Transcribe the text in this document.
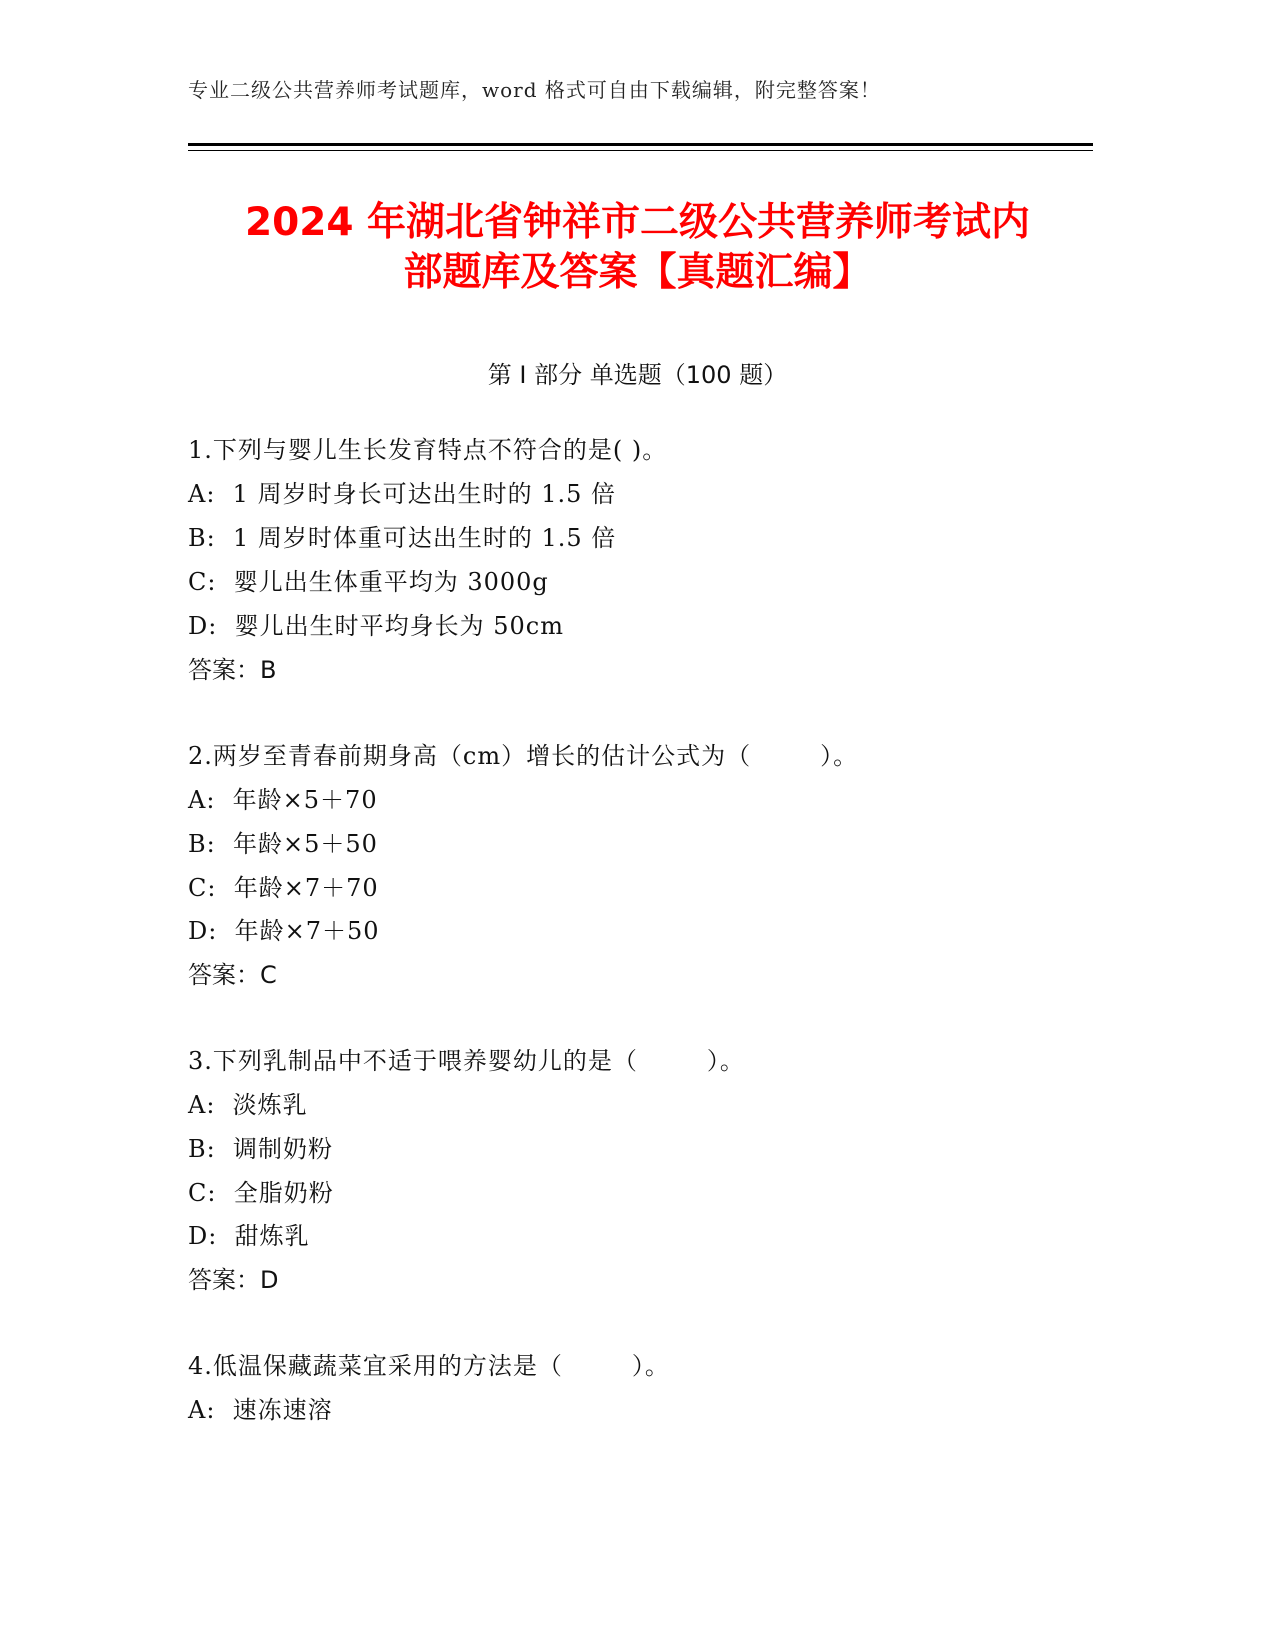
专业二级公共营养师考试题库，word 格式可自由下载编辑，附完整答案！
2024 年湖北省钟祥市二级公共营养师考试内
部题库及答案【真题汇编】
第 I 部分 单选题（100 题）
1.下列与婴儿生长发育特点不符合的是( )。
A:  1 周岁时身长可达出生时的 1.5 倍
B:  1 周岁时体重可达出生时的 1.5 倍
C:  婴儿出生体重平均为 3000g
D:  婴儿出生时平均身长为 50cm
答案：B
2.两岁至青春前期身高（cm）增长的估计公式为（        ）。
A:  年龄×5＋70
B:  年龄×5＋50
C:  年龄×7＋70
D:  年龄×7＋50
答案：C
3.下列乳制品中不适于喂养婴幼儿的是（        ）。
A:  淡炼乳
B:  调制奶粉
C:  全脂奶粉
D:  甜炼乳
答案：D
4.低温保藏蔬菜宜采用的方法是（        ）。
A:  速冻速溶
